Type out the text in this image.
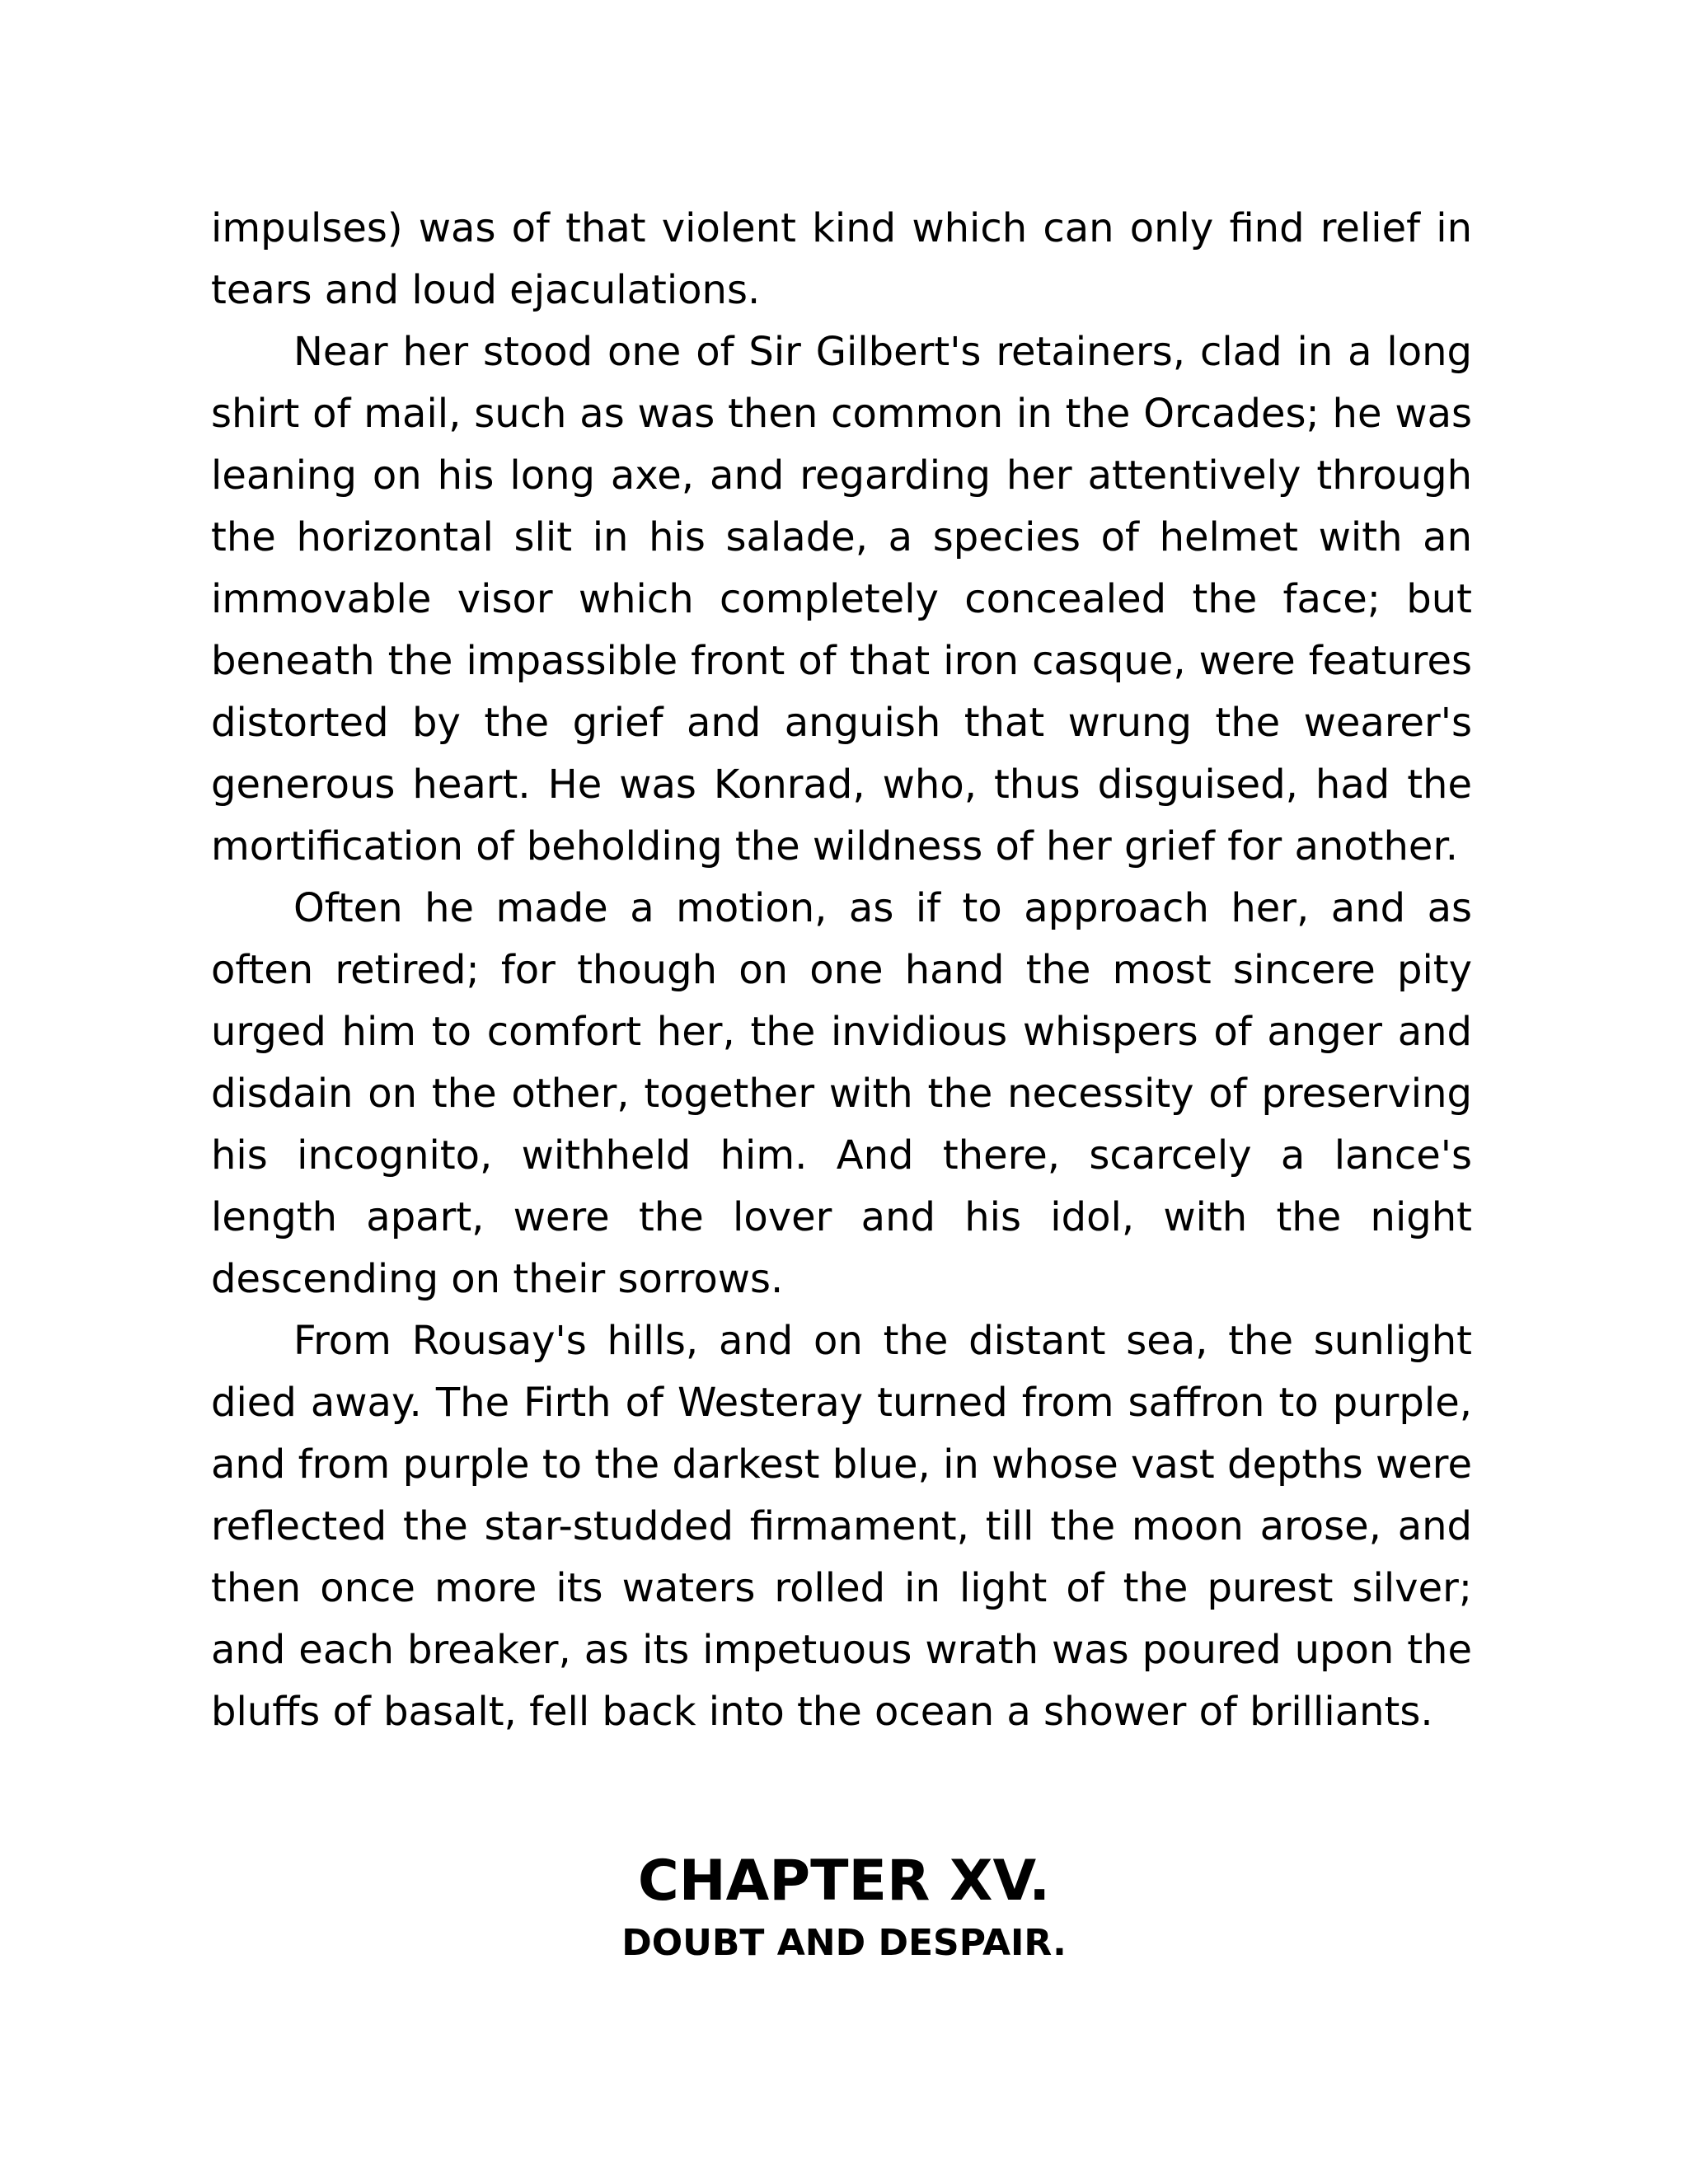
impulses) was of that violent kind which can only find relief in tears and loud ejaculations.

Near her stood one of Sir Gilbert's retainers, clad in a long shirt of mail, such as was then common in the Orcades; he was leaning on his long axe, and regarding her attentively through the horizontal slit in his salade, a species of helmet with an immovable visor which completely concealed the face; but beneath the impassible front of that iron casque, were features distorted by the grief and anguish that wrung the wearer's generous heart. He was Konrad, who, thus disguised, had the mortification of beholding the wildness of her grief for another.

Often he made a motion, as if to approach her, and as often retired; for though on one hand the most sincere pity urged him to comfort her, the invidious whispers of anger and disdain on the other, together with the necessity of preserving his incognito, withheld him. And there, scarcely a lance's length apart, were the lover and his idol, with the night descending on their sorrows.

From Rousay's hills, and on the distant sea, the sunlight died away. The Firth of Westeray turned from saffron to purple, and from purple to the darkest blue, in whose vast depths were reflected the star-studded firmament, till the moon arose, and then once more its waters rolled in light of the purest silver; and each breaker, as its impetuous wrath was poured upon the bluffs of basalt, fell back into the ocean a shower of brilliants.

CHAPTER XV.
DOUBT AND DESPAIR.
